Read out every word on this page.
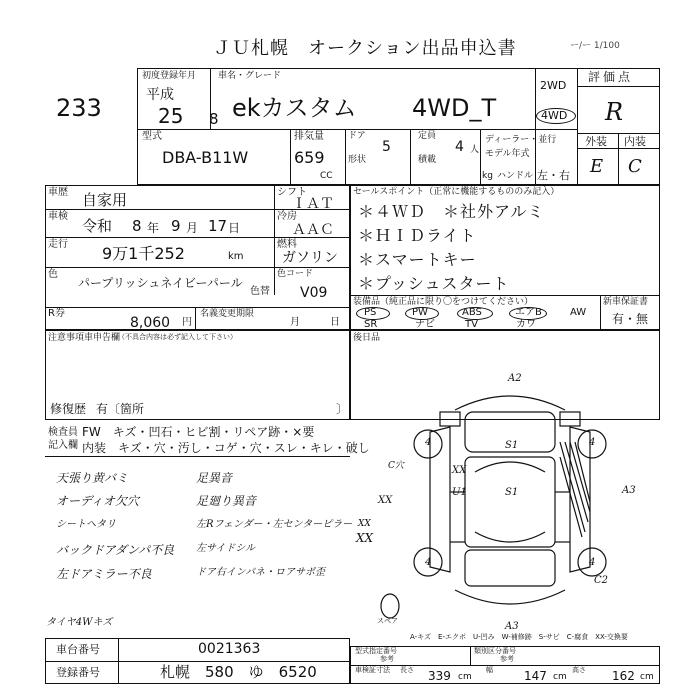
ＪＵ札幌　オークション出品申込書	ー/ー 1/100
233
初度登録年月
平成
25 8
車名・グレード
ekカスタム 4WD_T
2WD
4WD
評価点
R
外装 内装
E C
型式
DBA-B11W
排気量
659
CC
ドア
5
形状
定員
4 人
積載
ディーラー・並行
モデル年式
kg ハンドル 左・右
車歴 自家用
車検
令和 8 年 9 月 17 日
走行 9万1千252	km
色
パープリッシュネイビーパール
色コード
色替 V09
R券
8,060 円
名義変更期限
月	日
シフト
ＩＡＴ
冷房
ＡＡＣ
燃料
ガソリン
セールスポイント（正常に機能するもののみ記入）
＊４ＷＤ　＊社外アルミ
＊ＨＩＤライト
＊スマートキー
＊プッシュスタート
装備品（純正品に限り〇をつけてください）
PS	PW	ABS	エアB	AW
SR	ナビ	TV	カワ
新車保証書
有・無
注意事項車申告欄
（不具合内容は必ず記入して下さい）
修復歴 有〔箇所	〕
後日品
検査員
記入欄
FW　キズ・凹石・ヒビ割・リペア跡・×要
内装　キズ・穴・汚し・コゲ・穴・スレ・キレ・破し
天張り黄バミ
オーディオ欠穴
シートヘタリ
バックドアダンパ不良
左ドアミラー不良
タイヤ4Wキズ
足異音
足廻り異音
左Rフェンダー・左センターピラー
左サイドシル
ドア右インパネ・ロアサポ歪
XX
A2
S1
S1
U1
XX
XX
A3
C2
A3
4	4
4	4
C穴
XX
スペア
A-キズ　E-エクボ　U-凹み　W-補修跡　S-サビ　C-腐食　XX-交換要
車台番号	0021363
登録番号	札幌　580　ゆ　6520
型式指定番号
参考
類別区分番号
参考
車検証寸法 長さ 339 cm
幅	147 cm
高さ 162 cm
